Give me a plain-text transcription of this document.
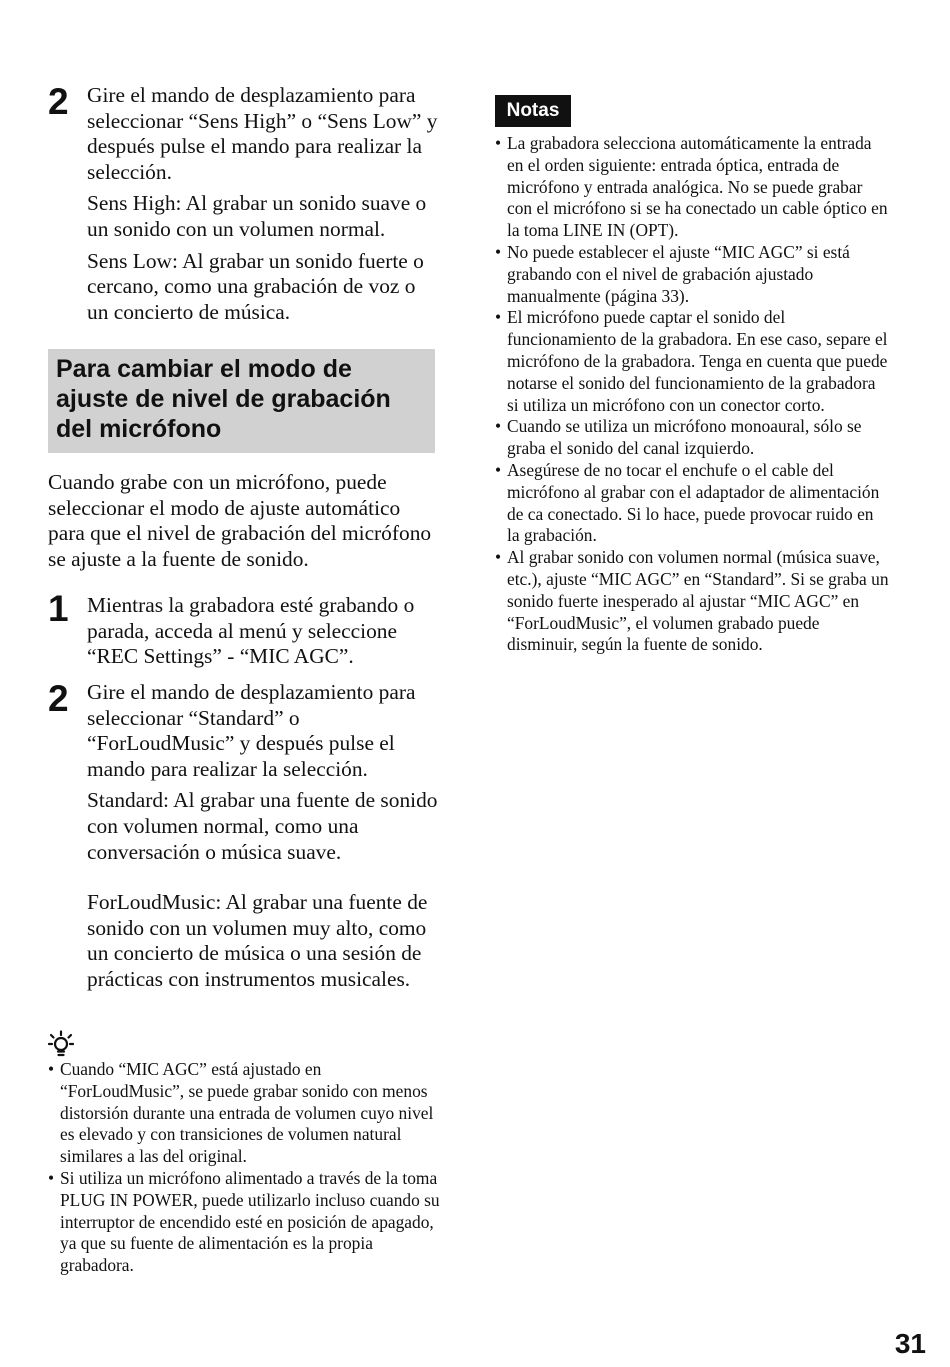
2 Gire el mando de desplazamiento para seleccionar “Sens High” o “Sens Low” y después pulse el mando para realizar la selección.

Sens High: Al grabar un sonido suave o un sonido con un volumen normal.

Sens Low: Al grabar un sonido fuerte o cercano, como una grabación de voz o un concierto de música.

Para cambiar el modo de ajuste de nivel de grabación del micrófono

Cuando grabe con un micrófono, puede seleccionar el modo de ajuste automático para que el nivel de grabación del micrófono se ajuste a la fuente de sonido.

1 Mientras la grabadora esté grabando o parada, acceda al menú y seleccione “REC Settings” - “MIC AGC”.

2 Gire el mando de desplazamiento para seleccionar “Standard” o “ForLoudMusic” y después pulse el mando para realizar la selección.

Standard: Al grabar una fuente de sonido con volumen normal, como una conversación o música suave.

ForLoudMusic: Al grabar una fuente de sonido con un volumen muy alto, como un concierto de música o una sesión de prácticas con instrumentos musicales.

• Cuando “MIC AGC” está ajustado en “ForLoudMusic”, se puede grabar sonido con menos distorsión durante una entrada de volumen cuyo nivel es elevado y con transiciones de volumen natural similares a las del original.
• Si utiliza un micrófono alimentado a través de la toma PLUG IN POWER, puede utilizarlo incluso cuando su interruptor de encendido esté en posición de apagado, ya que su fuente de alimentación es la propia grabadora.
Notas
• La grabadora selecciona automáticamente la entrada en el orden siguiente: entrada óptica, entrada de micrófono y entrada analógica. No se puede grabar con el micrófono si se ha conectado un cable óptico en la toma LINE IN (OPT).
• No puede establecer el ajuste “MIC AGC” si está grabando con el nivel de grabación ajustado manualmente (página 33).
• El micrófono puede captar el sonido del funcionamiento de la grabadora. En ese caso, separe el micrófono de la grabadora. Tenga en cuenta que puede notarse el sonido del funcionamiento de la grabadora si utiliza un micrófono con un conector corto.
• Cuando se utiliza un micrófono monoaural, sólo se graba el sonido del canal izquierdo.
• Asegúrese de no tocar el enchufe o el cable del micrófono al grabar con el adaptador de alimentación de ca conectado. Si lo hace, puede provocar ruido en la grabación.
• Al grabar sonido con volumen normal (música suave, etc.), ajuste “MIC AGC” en “Standard”. Si se graba un sonido fuerte inesperado al ajustar “MIC AGC” en “ForLoudMusic”, el volumen grabado puede disminuir, según la fuente de sonido.
31
